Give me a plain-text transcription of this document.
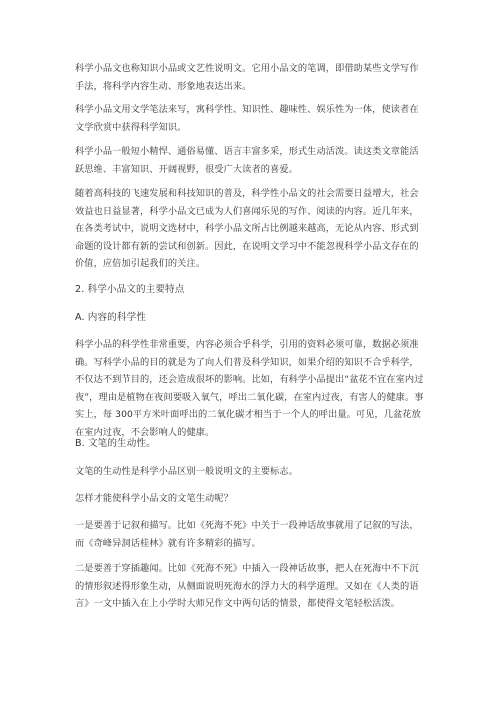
科学小品文也称知识小品或文艺性说明文。它用小品文的笔调，即借助某些文学写作手法，将科学内容生动、形象地表达出来。

科学小品文用文学笔法来写，寓科学性、知识性、趣味性、娱乐性为一体，使读者在文学欣赏中获得科学知识。

科学小品一般短小精悍、通俗易懂、语言丰富多采，形式生动活泼。读这类文章能活跃思维、丰富知识、开阔视野，很受广大读者的喜爱。

随着高科技的飞速发展和科技知识的普及，科学性小品文的社会需要日益增大，社会效益也日益显著，科学小品文已成为人们喜闻乐见的写作、阅读的内容。近几年来，在各类考试中，说明文选材中，科学小品文所占比例越来越高，无论从内容、形式到命题的设计都有新的尝试和创新。因此，在说明文学习中不能忽视科学小品文存在的价值，应倍加引起我们的关注。

2. 科学小品文的主要特点

A. 内容的科学性

科学小品的科学性非常重要，内容必须合乎科学，引用的资料必须可靠，数据必须准确。写科学小品的目的就是为了向人们普及科学知识，如果介绍的知识不合乎科学，不仅达不到节目的，还会造成很坏的影响。比如，有科学小品提出“盆花不宜在室内过夜”，理由是植物在夜间要吸入氧气，呼出二氧化碳，在室内过夜，有害人的健康。事实上，每 300平方米叶面呼出的二氧化碳才相当于一个人的呼出量。可见，几盆花放在室内过夜，不会影响人的健康。

B. 文笔的生动性。

文笔的生动性是科学小品区别一般说明文的主要标志。

怎样才能使科学小品文的文笔生动呢？

一是要善于记叙和描写。比如《死海不死》中关于一段神话故事就用了记叙的写法，而《奇峰异洞话桂林》就有许多精彩的描写。

二是要善于穿插趣闻。比如《死海不死》中插入一段神话故事，把人在死海中不下沉的情形叙述得形象生动，从侧面说明死海水的浮力大的科学道理。又如在《人类的语言》一文中插入在上小学时大师兄作文中两句话的情景，都使得文笔轻松活泼。
